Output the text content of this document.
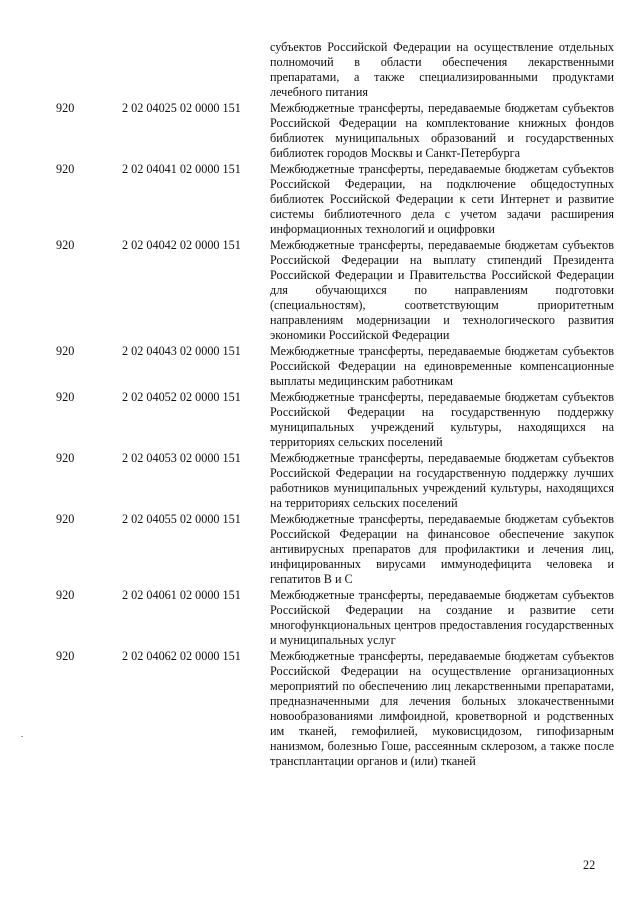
субъектов Российской Федерации на осуществление отдельных полномочий в области обеспечения лекарственными препаратами, а также специализированными продуктами лечебного питания
920	2 02 04025 02 0000 151 Межбюджетные трансферты, передаваемые бюджетам субъектов Российской Федерации на комплектование книжных фондов библиотек муниципальных образований и государственных библиотек городов Москвы и Санкт-Петербурга
920	2 02 04041 02 0000 151 Межбюджетные трансферты, передаваемые бюджетам субъектов Российской Федерации, на подключение общедоступных библиотек Российской Федерации к сети Интернет и развитие системы библиотечного дела с учетом задачи расширения информационных технологий и оцифровки
920	2 02 04042 02 0000 151 Межбюджетные трансферты, передаваемые бюджетам субъектов Российской Федерации на выплату стипендий Президента Российской Федерации и Правительства Российской Федерации для обучающихся по направлениям подготовки (специальностям), соответствующим приоритетным направлениям модернизации и технологического развития экономики Российской Федерации
920	2 02 04043 02 0000 151 Межбюджетные трансферты, передаваемые бюджетам субъектов Российской Федерации на единовременные компенсационные выплаты медицинским работникам
920	2 02 04052 02 0000 151 Межбюджетные трансферты, передаваемые бюджетам субъектов Российской Федерации на государственную поддержку муниципальных учреждений культуры, находящихся на территориях сельских поселений
920	2 02 04053 02 0000 151 Межбюджетные трансферты, передаваемые бюджетам субъектов Российской Федерации на государственную поддержку лучших работников муниципальных учреждений культуры, находящихся на территориях сельских поселений
920	2 02 04055 02 0000 151 Межбюджетные трансферты, передаваемые бюджетам субъектов Российской Федерации на финансовое обеспечение закупок антивирусных препаратов для профилактики и лечения лиц, инфицированных вирусами иммунодефицита человека и гепатитов B и C
920	2 02 04061 02 0000 151 Межбюджетные трансферты, передаваемые бюджетам субъектов Российской Федерации на создание и развитие сети многофункциональных центров предоставления государственных и муниципальных услуг
920	2 02 04062 02 0000 151 Межбюджетные трансферты, передаваемые бюджетам субъектов Российской Федерации на осуществление организационных мероприятий по обеспечению лиц лекарственными препаратами, предназначенными для лечения больных злокачественными новообразованиями лимфоидной, кроветворной и родственных им тканей, гемофилией, муковисцидозом, гипофизарным нанизмом, болезнью Гоше, рассеянным склерозом, а также после трансплантации органов и (или) тканей
22
